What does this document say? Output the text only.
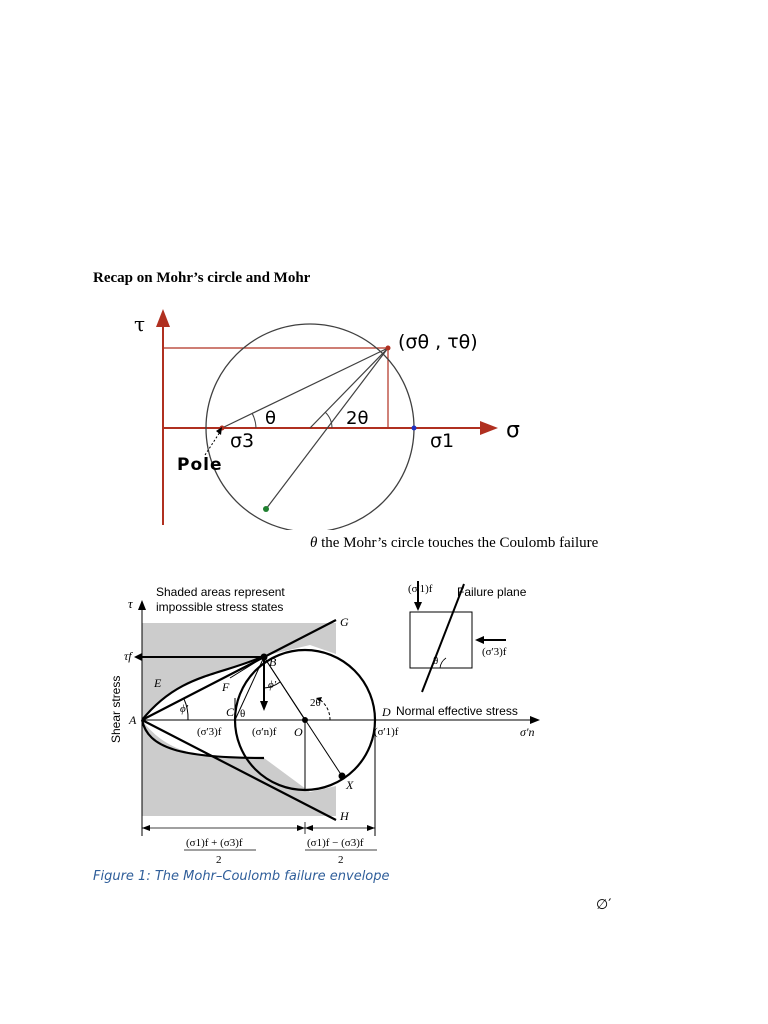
Recap on Mohr’s circle and Mohr
τ
σ
(σθ , τθ)
θ	2θ
σ3	σ1
Pole
θ the Mohr’s circle touches the Coulomb failure
(σ1)f + (σ3)f
2
(σ1)f − (σ3)f
2
τ
Shaded areas represent
impossible stress states
τf
Shear stress	Normal effective stress
σ'n
A
B
C	D
E	F
G
H
O
X
ϕ'
ϕ'
θ
2θ
(σ'3)f	(σ'n)f	(σ'1)f
(σ'1)f Failure plane
(σ'3)f
θ
Figure 1: The Mohr–Coulomb failure envelope
∅′
